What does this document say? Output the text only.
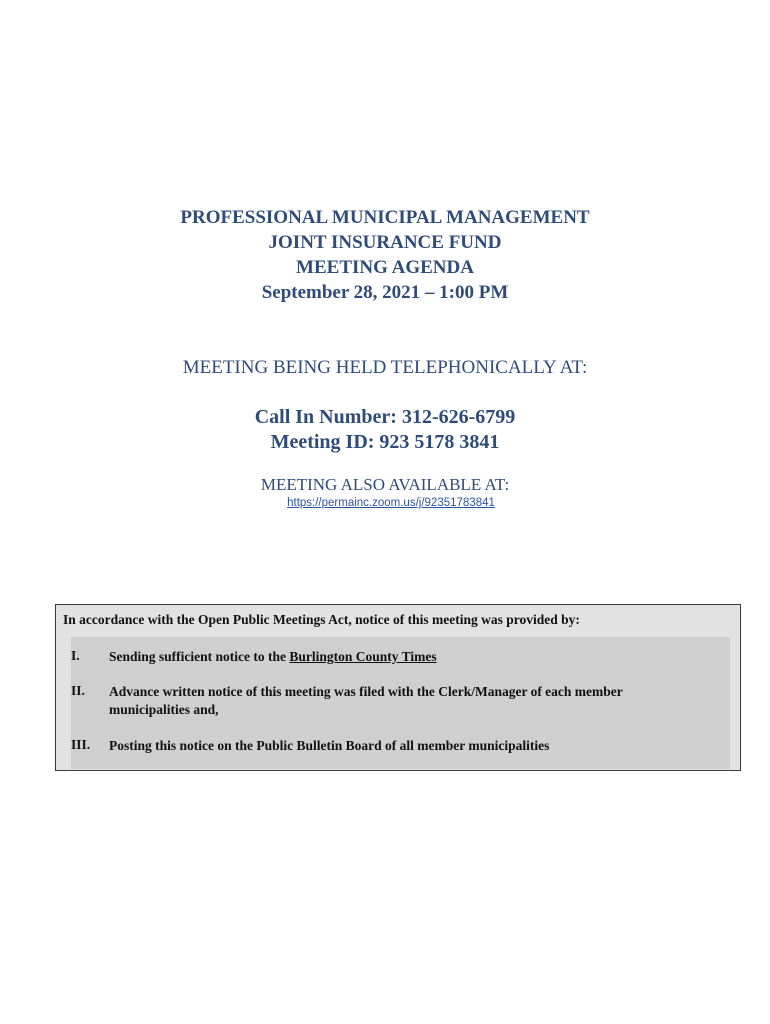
PROFESSIONAL MUNICIPAL MANAGEMENT
JOINT INSURANCE FUND
MEETING AGENDA
September 28, 2021 – 1:00 PM
MEETING BEING HELD TELEPHONICALLY AT:
Call In Number: 312-626-6799
Meeting ID: 923 5178 3841
MEETING ALSO AVAILABLE AT:
https://permainc.zoom.us/j/92351783841
In accordance with the Open Public Meetings Act, notice of this meeting was provided by:
I. Sending sufficient notice to the Burlington County Times
II. Advance written notice of this meeting was filed with the Clerk/Manager of each member municipalities and,
III. Posting this notice on the Public Bulletin Board of all member municipalities
